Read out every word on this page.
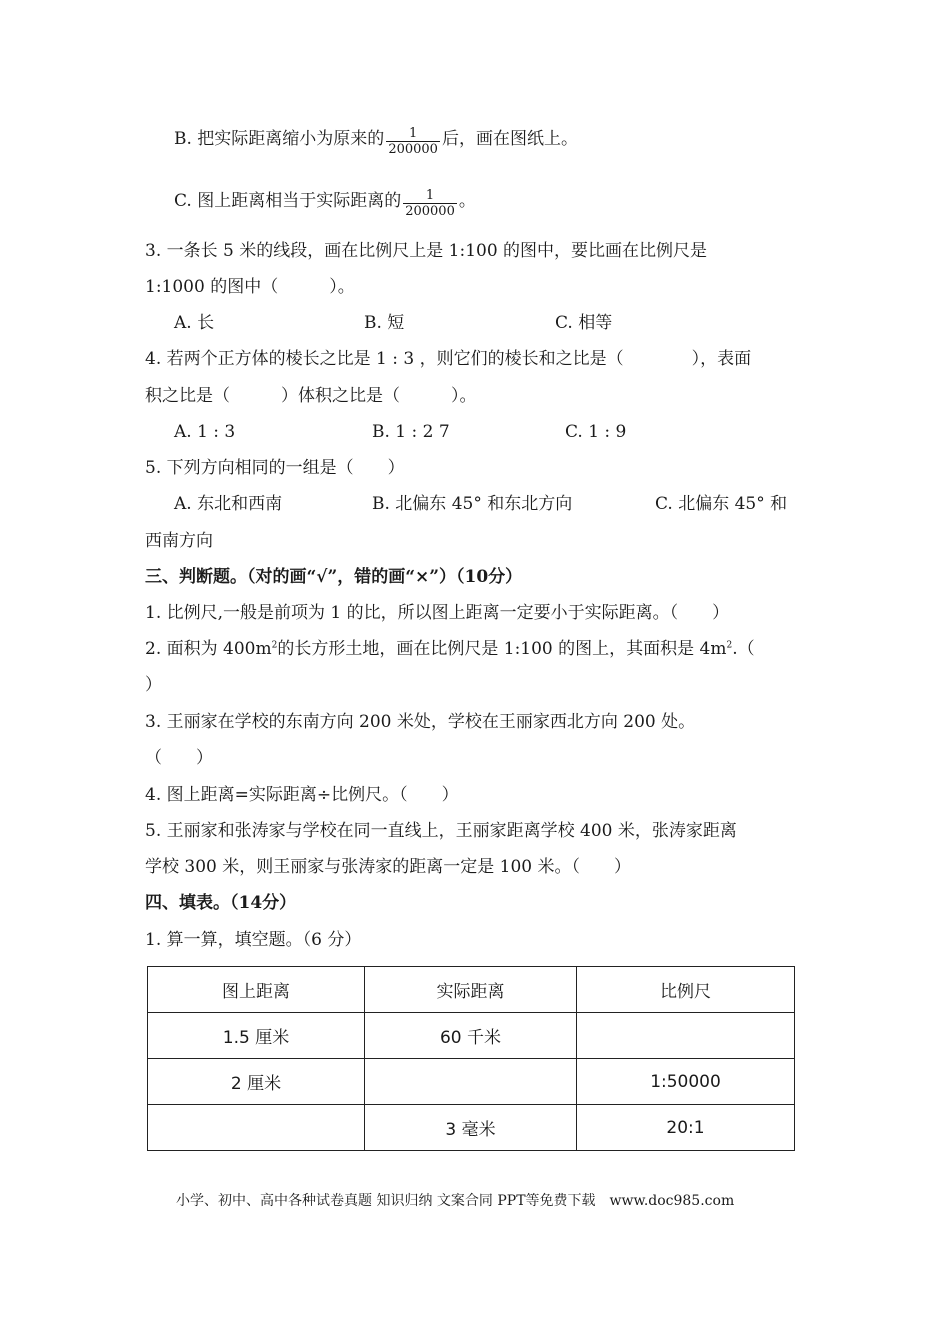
B. 把实际距离缩小为原来的 $\frac{1}{200000}$ 后，画在图纸上。
C. 图上距离相当于实际距离的 $\frac{1}{200000}$ 。
3. 一条长 5 米的线段，画在比例尺上是 1:100 的图中，要比画在比例尺是
1:1000 的图中（　　　）。
A. 长	B. 短	C. 相等
4. 若两个正方体的棱长之比是 1 : 3 ，则它们的棱长和之比是（　　　　），表面
积之比是（　　　）体积之比是（　　　）。
A. 1 : 3	B. 1 : 2 7	C. 1 : 9
5. 下列方向相同的一组是（　　）
A. 东北和西南	B. 北偏东 45° 和东北方向	C. 北偏东 45° 和
西南方向
三、判断题。（对的画“√”，错的画“×”）（10分）
1. 比例尺,一般是前项为 1 的比，所以图上距离一定要小于实际距离。（　　）
2. 面积为 $400m^2$的长方形土地，画在比例尺是 1:100 的图上，其面积是 $4m^2$.（
）
3. 王丽家在学校的东南方向 200 米处，学校在王丽家西北方向 200 处。
（　　）
4. 图上距离=实际距离÷比例尺。（　　）
5. 王丽家和张涛家与学校在同一直线上，王丽家距离学校 400 米，张涛家距离
学校 300 米，则王丽家与张涛家的距离一定是 100 米。（　　）
四、填表。（14分）
1. 算一算，填空题。（6 分）
图上距离	实际距离	比例尺
1.5 厘米	60 千米	
2 厘米		1:50000
	3 毫米	20:1
小学、初中、高中各种试卷真题 知识归纳 文案合同 PPT等免费下载　www.doc985.com
